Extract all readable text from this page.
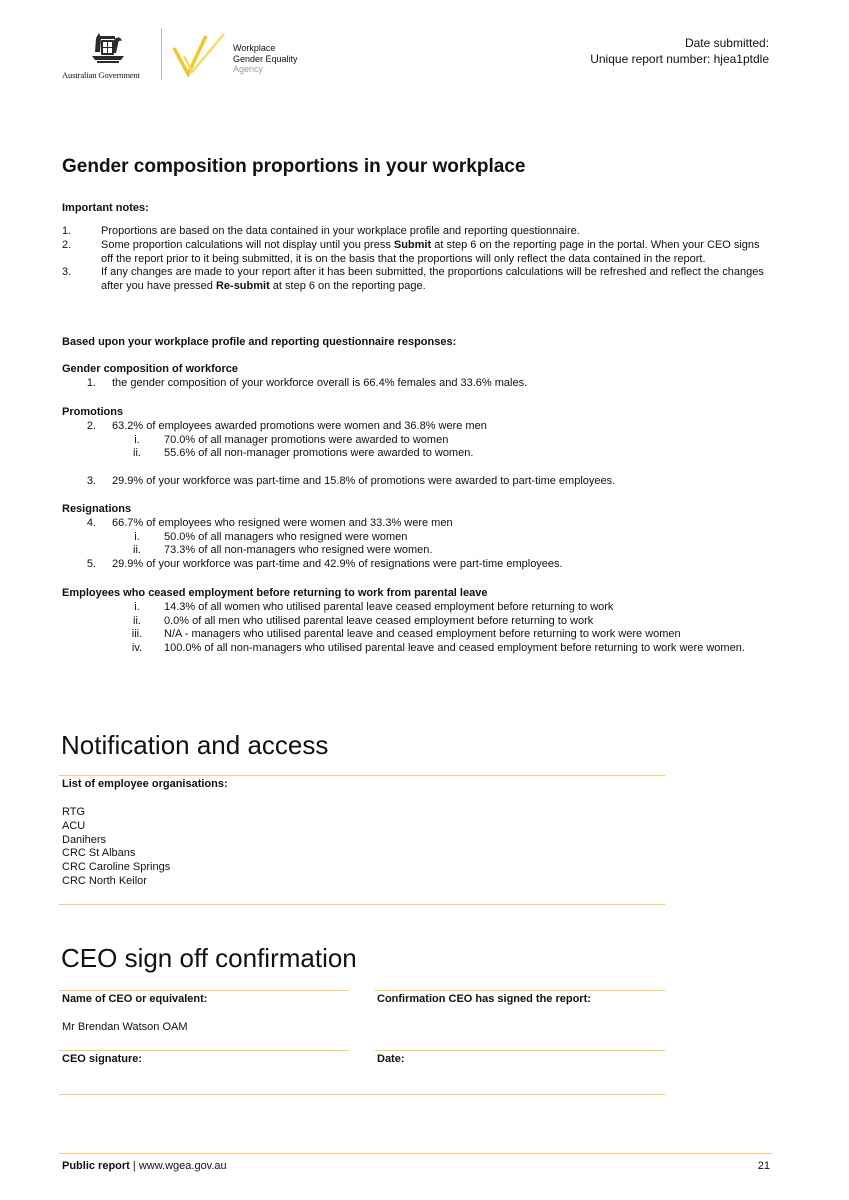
Australian Government
Workplace
Gender Equality
Agency
Date submitted:
Unique report number: hjea1ptdle
Gender composition proportions in your workplace
Important notes:
1.	Proportions are based on the data contained in your workplace profile and reporting questionnaire.
2.	Some proportion calculations will not display until you press Submit at step 6 on the reporting page in the portal. When your CEO signs off the report prior to it being submitted, it is on the basis that the proportions will only reflect the data contained in the report.
3.	If any changes are made to your report after it has been submitted, the proportions calculations will be refreshed and reflect the changes after you have pressed Re-submit at step 6 on the reporting page.
Based upon your workplace profile and reporting questionnaire responses:
Gender composition of workforce
1. the gender composition of your workforce overall is 66.4% females and 33.6% males.
Promotions
2. 63.2% of employees awarded promotions were women and 36.8% were men
i.	70.0% of all manager promotions were awarded to women
ii.	55.6% of all non-manager promotions were awarded to women.
3. 29.9% of your workforce was part-time and 15.8% of promotions were awarded to part-time employees.
Resignations
4. 66.7% of employees who resigned were women and 33.3% were men
i.	50.0% of all managers who resigned were women
ii.	73.3% of all non-managers who resigned were women.
5. 29.9% of your workforce was part-time and 42.9% of resignations were part-time employees.
Employees who ceased employment before returning to work from parental leave
i.	14.3% of all women who utilised parental leave ceased employment before returning to work
ii.	0.0% of all men who utilised parental leave ceased employment before returning to work
iii.	N/A - managers who utilised parental leave and ceased employment before returning to work were women
iv.	100.0% of all non-managers who utilised parental leave and ceased employment before returning to work were women.
Notification and access
List of employee organisations:
RTG
ACU
Danihers
CRC St Albans
CRC Caroline Springs
CRC North Keilor
CEO sign off confirmation
Name of CEO or equivalent:	Confirmation CEO has signed the report:
Mr Brendan Watson OAM
CEO signature:	Date:
Public report | www.wgea.gov.au	21
